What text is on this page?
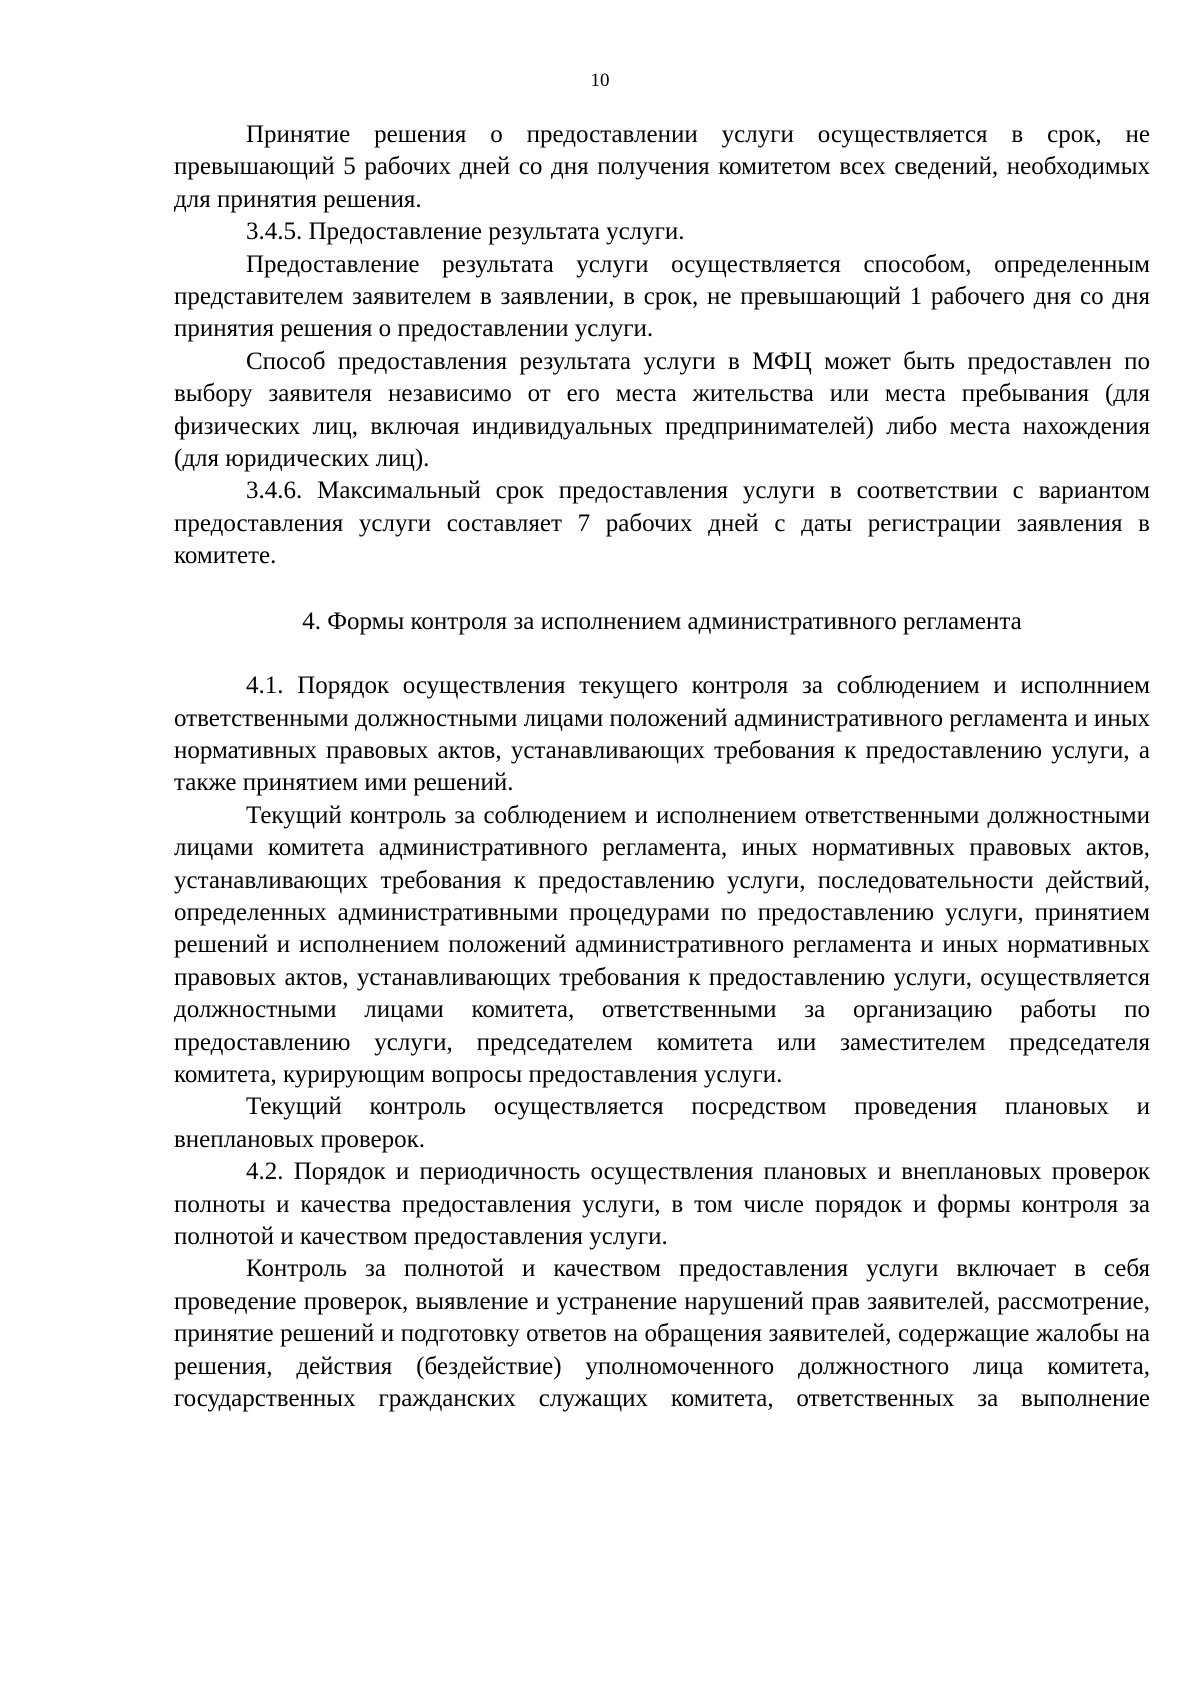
10

Принятие решения о предоставлении услуги осуществляется в срок, не превышающий 5 рабочих дней со дня получения комитетом всех сведений, необходимых для принятия решения.

3.4.5. Предоставление результата услуги.

Предоставление результата услуги осуществляется способом, определенным представителем заявителем в заявлении, в срок, не превышающий 1 рабочего дня со дня принятия решения о предоставлении услуги.

Способ предоставления результата услуги в МФЦ может быть предоставлен по выбору заявителя независимо от его места жительства или места пребывания (для физических лиц, включая индивидуальных предпринимателей) либо места нахождения (для юридических лиц).

3.4.6. Максимальный срок предоставления услуги в соответствии с вариантом предоставления услуги составляет 7 рабочих дней с даты регистрации заявления в комитете.

4. Формы контроля за исполнением административного регламента

4.1. Порядок осуществления текущего контроля за соблюдением и исполннием ответственными должностными лицами положений административного регламента и иных нормативных правовых актов, устанавливающих требования к предоставлению услуги, а также принятием ими решений.

Текущий контроль за соблюдением и исполнением ответственными должностными лицами комитета административного регламента, иных нормативных правовых актов, устанавливающих требования к предоставлению услуги, последовательности действий, определенных административными процедурами по предоставлению услуги, принятием решений и исполнением положений административного регламента и иных нормативных правовых актов, устанавливающих требования к предоставлению услуги, осуществляется должностными лицами комитета, ответственными за организацию работы по предоставлению услуги, председателем комитета или заместителем председателя комитета, курирующим вопросы предоставления услуги.

Текущий контроль осуществляется посредством проведения плановых и внеплановых проверок.

4.2. Порядок и периодичность осуществления плановых и внеплановых проверок полноты и качества предоставления услуги, в том числе порядок и формы контроля за полнотой и качеством предоставления услуги.

Контроль за полнотой и качеством предоставления услуги включает в себя проведение проверок, выявление и устранение нарушений прав заявителей, рассмотрение, принятие решений и подготовку ответов на обращения заявителей, содержащие жалобы на решения, действия (бездействие) уполномоченного должностного лица комитета, государственных гражданских служащих комитета, ответственных за выполнение
